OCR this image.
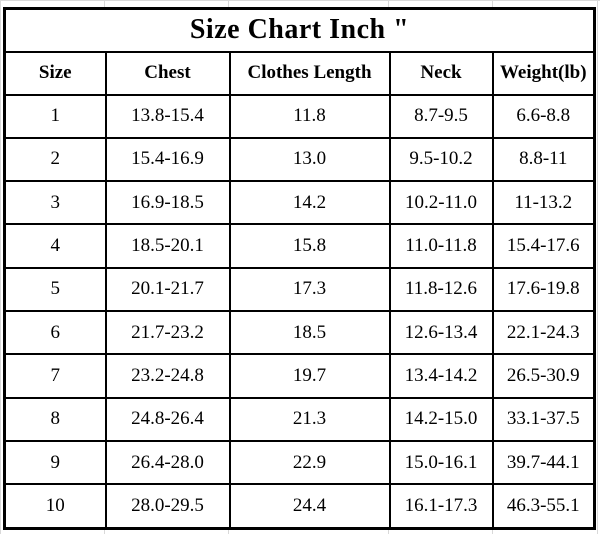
Size Chart Inch "				
Size	Chest	Clothes Length	Neck	Weight(lb)
1	13.8-15.4	11.8	8.7-9.5	6.6-8.8
2	15.4-16.9	13.0	9.5-10.2	8.8-11
3	16.9-18.5	14.2	10.2-11.0	11-13.2
4	18.5-20.1	15.8	11.0-11.8	15.4-17.6
5	20.1-21.7	17.3	11.8-12.6	17.6-19.8
6	21.7-23.2	18.5	12.6-13.4	22.1-24.3
7	23.2-24.8	19.7	13.4-14.2	26.5-30.9
8	24.8-26.4	21.3	14.2-15.0	33.1-37.5
9	26.4-28.0	22.9	15.0-16.1	39.7-44.1
10	28.0-29.5	24.4	16.1-17.3	46.3-55.1
